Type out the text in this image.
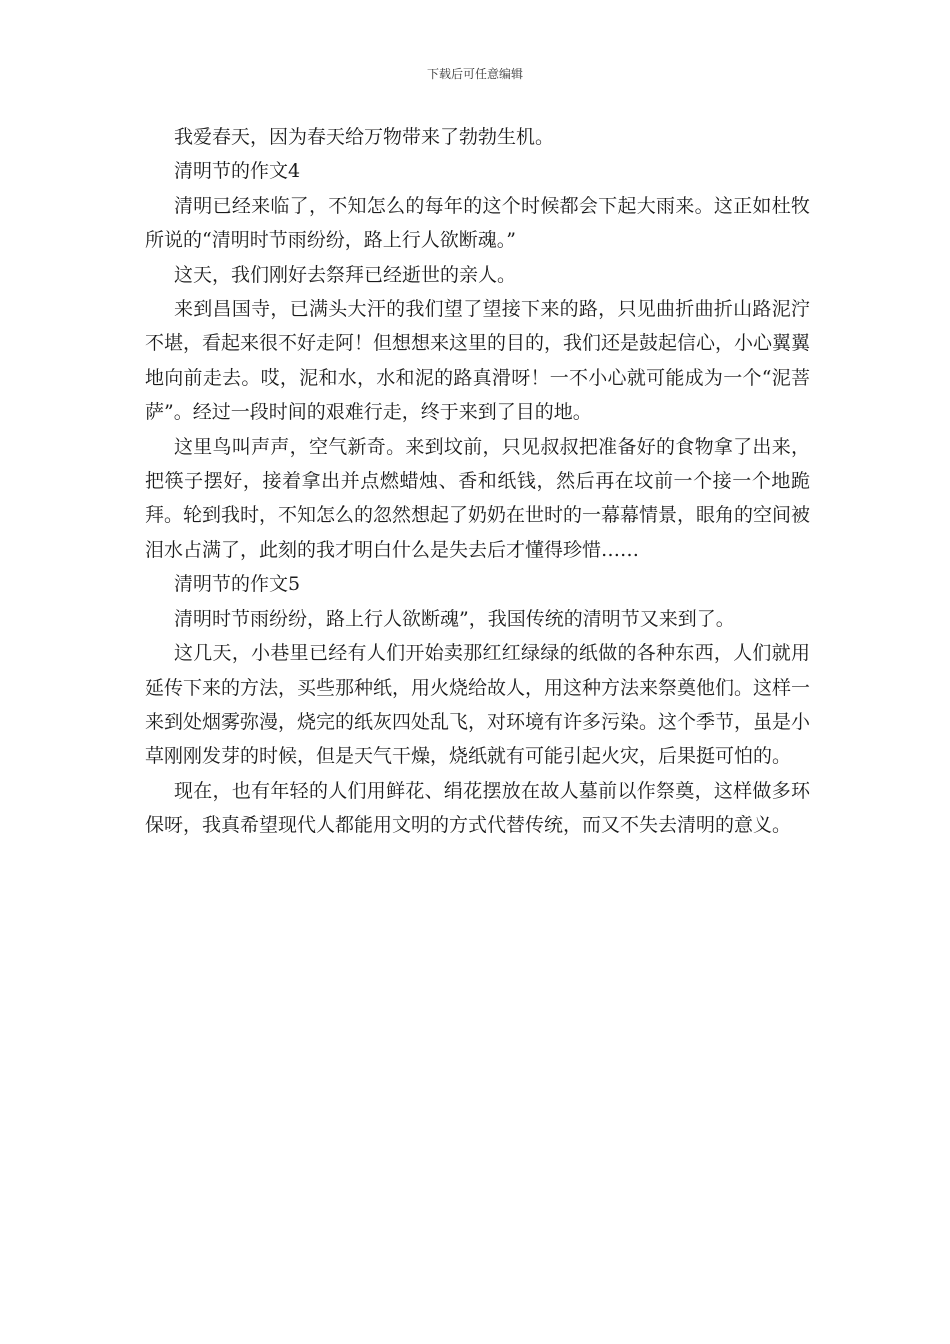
下载后可任意编辑

我爱春天，因为春天给万物带来了勃勃生机。

清明节的作文4

清明已经来临了，不知怎么的每年的这个时候都会下起大雨来。这正如杜牧所说的“清明时节雨纷纷，路上行人欲断魂。”

这天，我们刚好去祭拜已经逝世的亲人。

来到昌国寺，已满头大汗的我们望了望接下来的路，只见曲折曲折山路泥泞不堪，看起来很不好走阿！但想想来这里的目的，我们还是鼓起信心，小心翼翼地向前走去。哎，泥和水，水和泥的路真滑呀！一不小心就可能成为一个“泥菩萨”。经过一段时间的艰难行走，终于来到了目的地。

这里鸟叫声声，空气新奇。来到坟前，只见叔叔把准备好的食物拿了出来，把筷子摆好，接着拿出并点燃蜡烛、香和纸钱，然后再在坟前一个接一个地跪拜。轮到我时，不知怎么的忽然想起了奶奶在世时的一幕幕情景，眼角的空间被泪水占满了，此刻的我才明白什么是失去后才懂得珍惜……

清明节的作文5

清明时节雨纷纷，路上行人欲断魂”，我国传统的清明节又来到了。

这几天，小巷里已经有人们开始卖那红红绿绿的纸做的各种东西，人们就用延传下来的方法，买些那种纸，用火烧给故人，用这种方法来祭奠他们。这样一来到处烟雾弥漫，烧完的纸灰四处乱飞，对环境有许多污染。这个季节，虽是小草刚刚发芽的时候，但是天气干燥，烧纸就有可能引起火灾，后果挺可怕的。

现在，也有年轻的人们用鲜花、绢花摆放在故人墓前以作祭奠，这样做多环保呀，我真希望现代人都能用文明的方式代替传统，而又不失去清明的意义。
